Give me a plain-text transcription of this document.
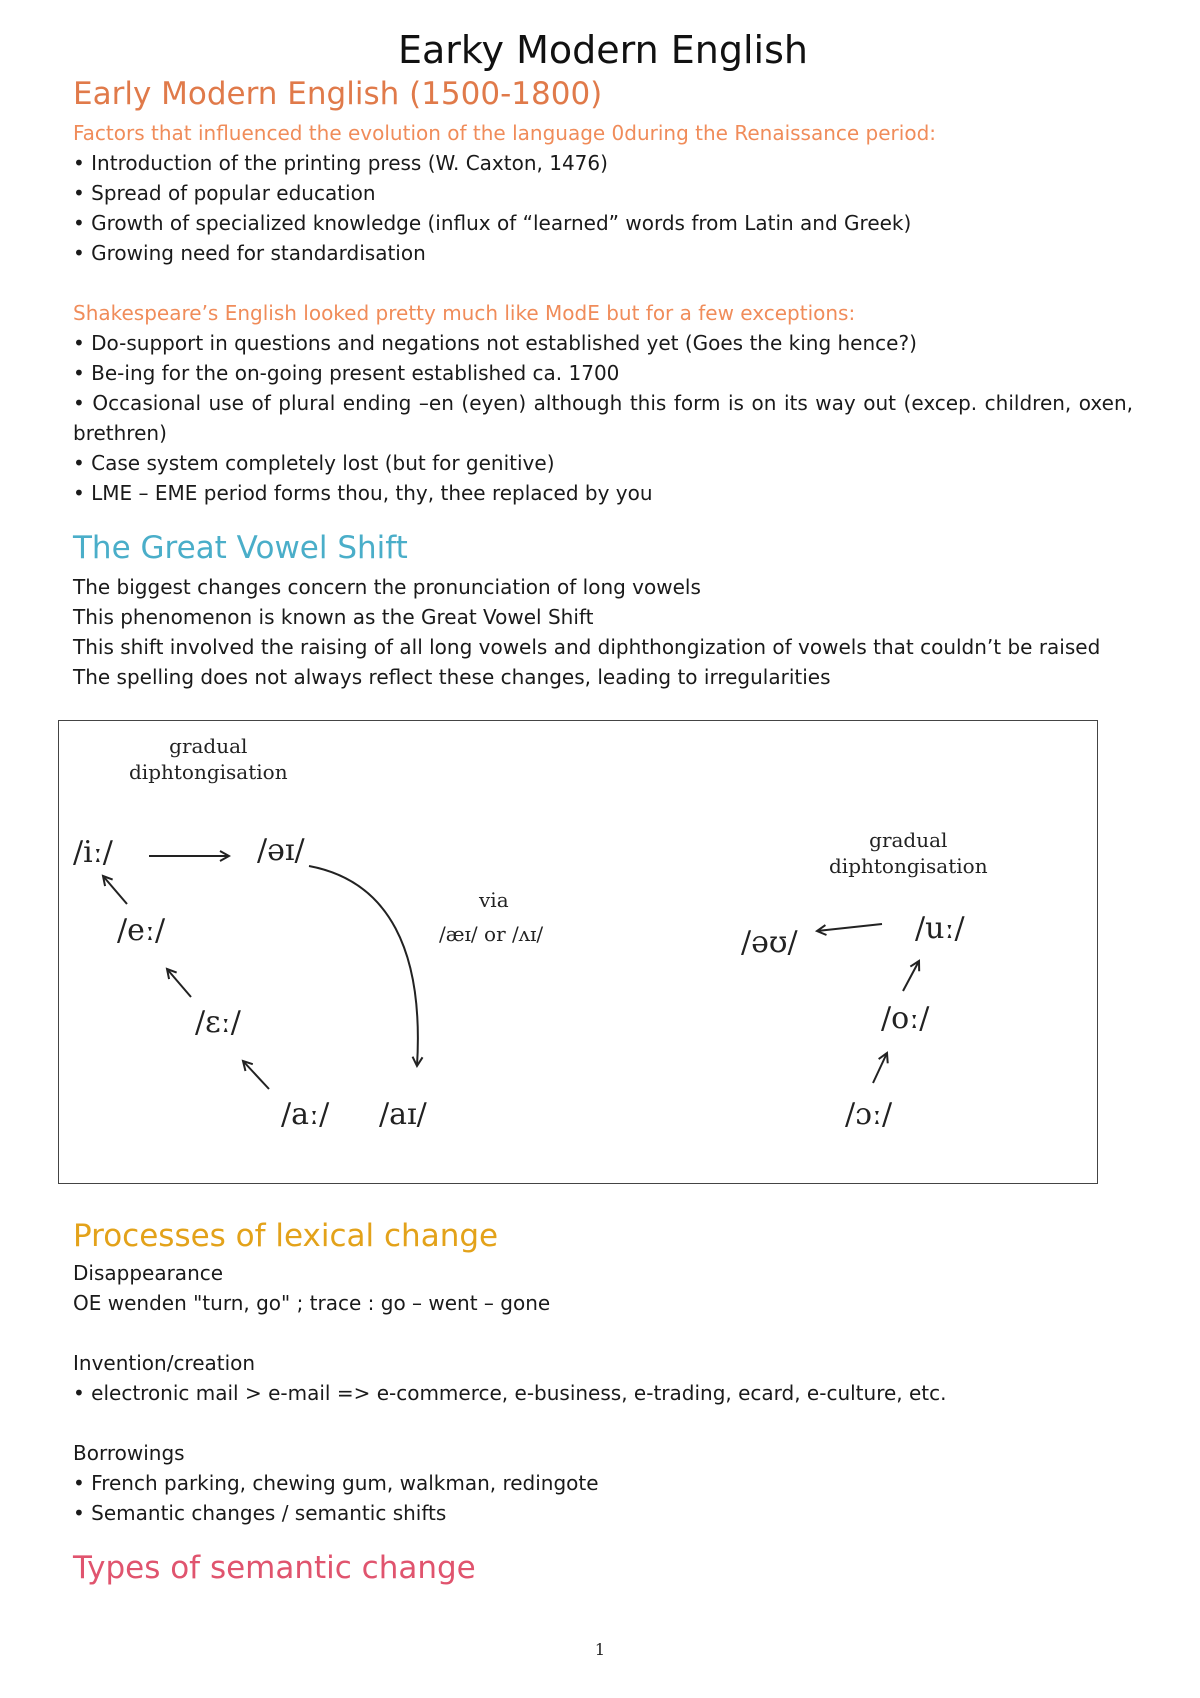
Earky Modern English
Early Modern English (1500-1800)
Factors that influenced the evolution of the language 0during the Renaissance period:
• Introduction of the printing press (W. Caxton, 1476)
• Spread of popular education
• Growth of specialized knowledge (influx of “learned” words from Latin and Greek)
• Growing need for standardisation
Shakespeare’s English looked pretty much like ModE but for a few exceptions:
• Do-support in questions and negations not established yet (Goes the king hence?)
• Be-ing for the on-going present established ca. 1700
• Occasional use of plural ending –en (eyen) although this form is on its way out (excep. children, oxen, brethren)
• Case system completely lost (but for genitive)
• LME – EME period forms thou, thy, thee replaced by you
The Great Vowel Shift
The biggest changes concern the pronunciation of long vowels
This phenomenon is known as the Great Vowel Shift
This shift involved the raising of all long vowels and diphthongization of vowels that couldn’t be raised
The spelling does not always reflect these changes, leading to irregularities
gradual
diphtongisation
gradual
diphtongisation
via
/æɪ/ or /ʌɪ/
/iː/	/əɪ/
/eː/
/ɛː/
/aː/ /aɪ/
/uː/
/əʊ/
/oː/
/ɔː/
Processes of lexical change
Disappearance
OE wenden "turn, go" ; trace : go – went – gone
Invention/creation
• electronic mail > e-mail => e-commerce, e-business, e-trading, ecard, e-culture, etc.
Borrowings
• French parking, chewing gum, walkman, redingote
• Semantic changes / semantic shifts
Types of semantic change
1
